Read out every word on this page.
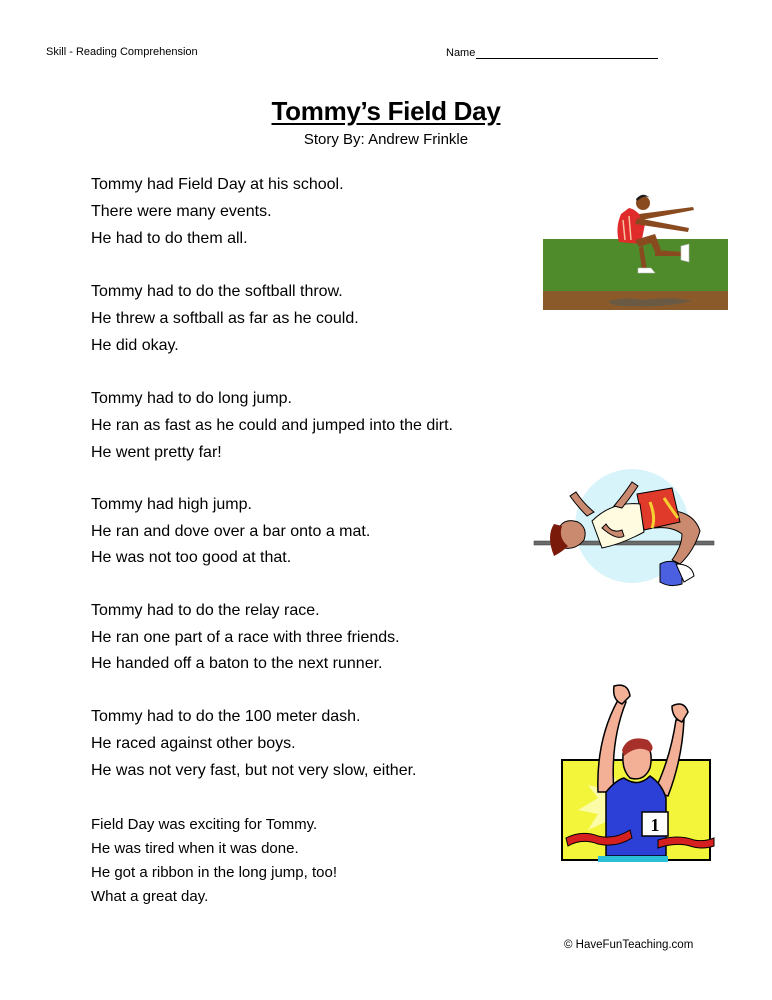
Skill - Reading Comprehension	Name
Tommy’s Field Day
Story By: Andrew Frinkle
Tommy had Field Day at his school.
There were many events.
He had to do them all.
Tommy had to do the softball throw.
He threw a softball as far as he could.
He did okay.
Tommy had to do long jump.
He ran as fast as he could and jumped into the dirt.
He went pretty far!
Tommy had high jump.
He ran and dove over a bar onto a mat.
He was not too good at that.
Tommy had to do the relay race.
He ran one part of a race with three friends.
He handed off a baton to the next runner.
Tommy had to do the 100 meter dash.
He raced against other boys.
He was not very fast, but not very slow, either.
Field Day was exciting for Tommy.
He was tired when it was done.
He got a ribbon in the long jump, too!
What a great day.
1
© HaveFunTeaching.com
